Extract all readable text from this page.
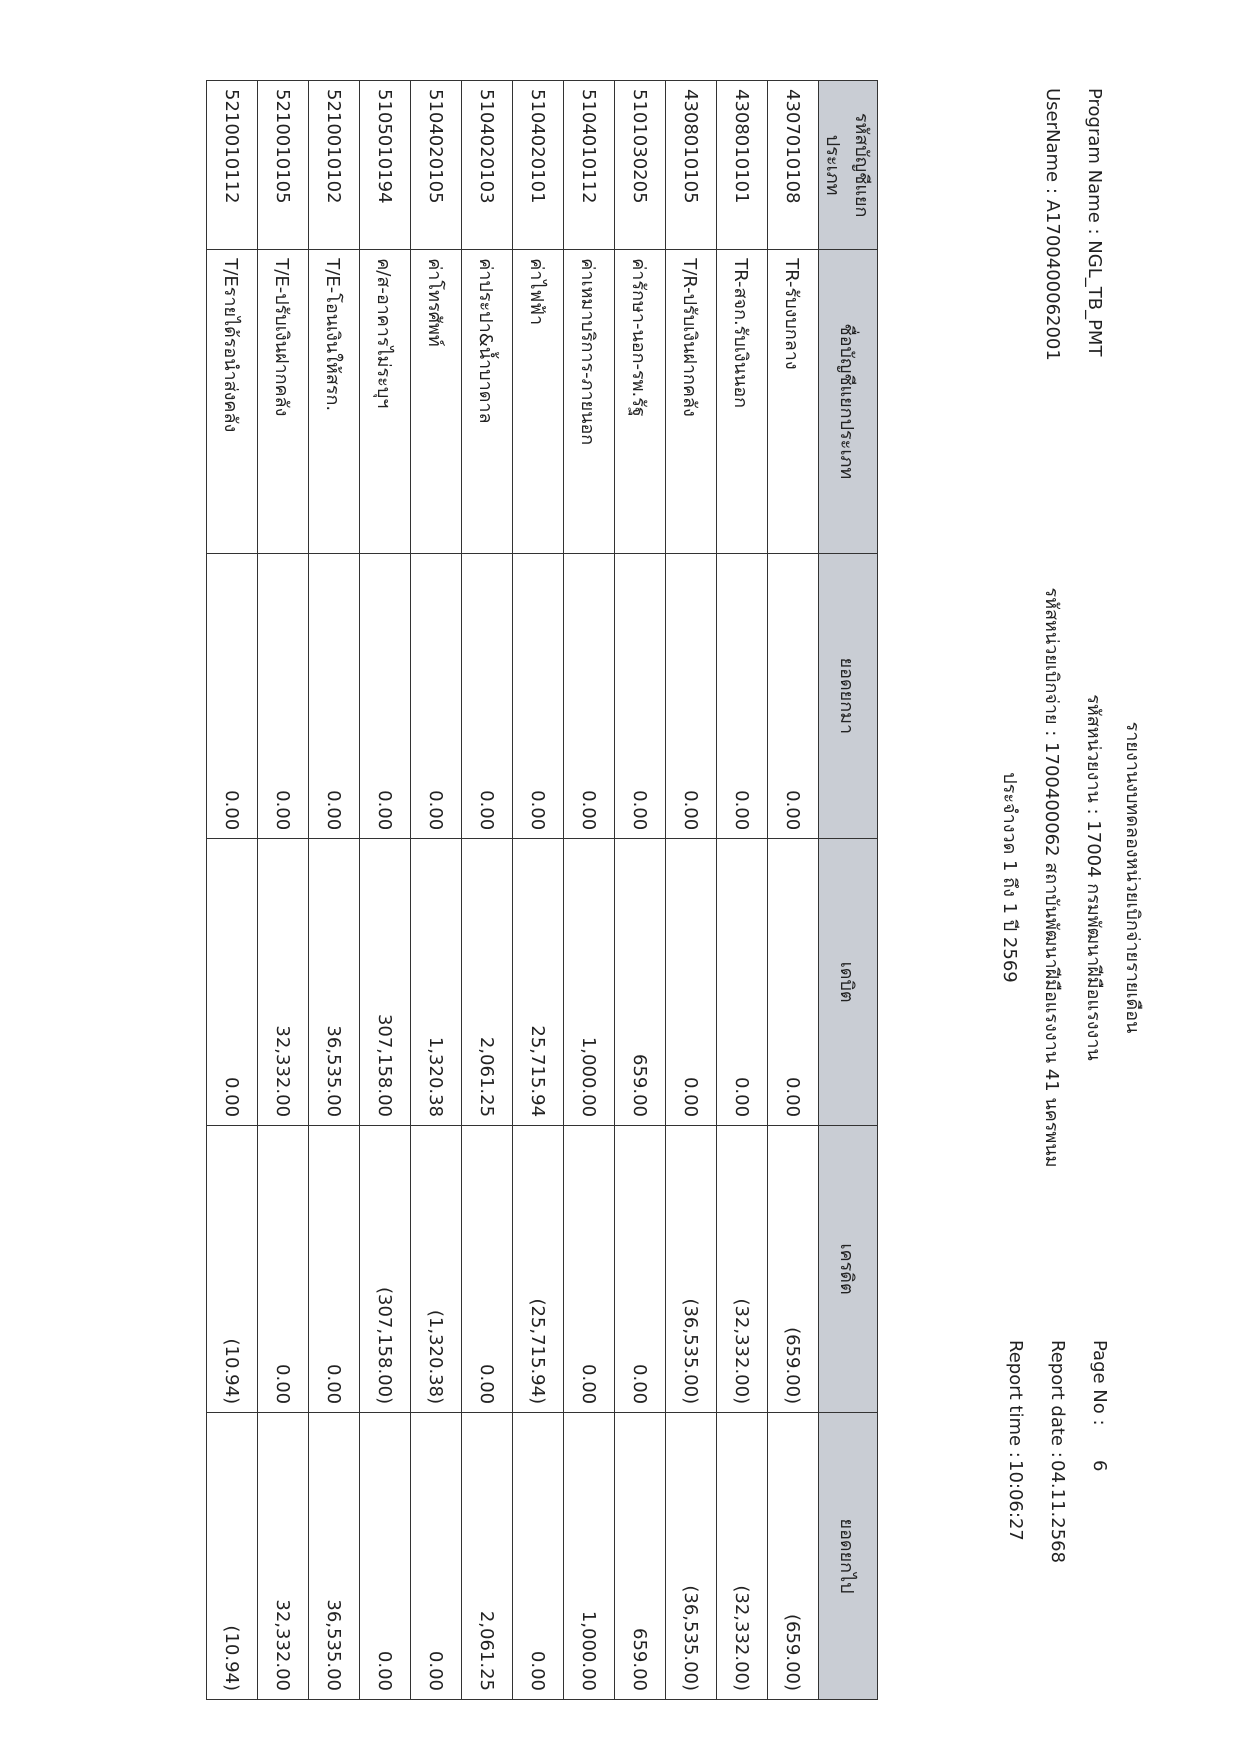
รายงานงบทดลองหน่วยเบิกจ่ายรายเดือน
รหัสหน่วยงาน : 17004 กรมพัฒนาฝีมือแรงงาน
รหัสหน่วยเบิกจ่าย : 1700400062 สถาบันพัฒนาฝีมือแรงงาน 41 นครพนม
ประจำงวด 1 ถึง 1 ปี 2569
Program Name : NGL_TB_PMT
UserName : A1700400062001
Page No :
6
Report date :
04.11.2568
Report time :
10:06:27
รหัสบัญชีแยกประเภท	ชื่อบัญชีแยกประเภท	ยอดยกมา	เดบิต	เครดิต	ยอดยกไป
4307010108	TR-รับงบกลาง	0.00	0.00	(659.00)	(659.00)
4308010101	TR-สจก.รับเงินนอก	0.00	0.00	(32,332.00)	(32,332.00)
4308010105	T/R-ปรับเงินฝากคลัง	0.00	0.00	(36,535.00)	(36,535.00)
5101030205	ค่ารักษา-นอก-รพ.รัฐ	0.00	659.00	0.00	659.00
5104010112	ค่าเหมาบริการ-ภายนอก	0.00	1,000.00	0.00	1,000.00
5104020101	ค่าไฟฟ้า	0.00	25,715.94	(25,715.94)	0.00
5104020103	ค่าประปา&น้ำบาดาล	0.00	2,061.25	0.00	2,061.25
5104020105	ค่าโทรศัพท์	0.00	1,320.38	(1,320.38)	0.00
5105010194	ค/ส-อาคารไม่ระบุฯ	0.00	307,158.00	(307,158.00)	0.00
5210010102	T/E-โอนเงินให้สรก.	0.00	36,535.00	0.00	36,535.00
5210010105	T/E-ปรับเงินฝากคลัง	0.00	32,332.00	0.00	32,332.00
5210010112	T/Eรายได้รอนำส่งคลัง	0.00	0.00	(10.94)	(10.94)
